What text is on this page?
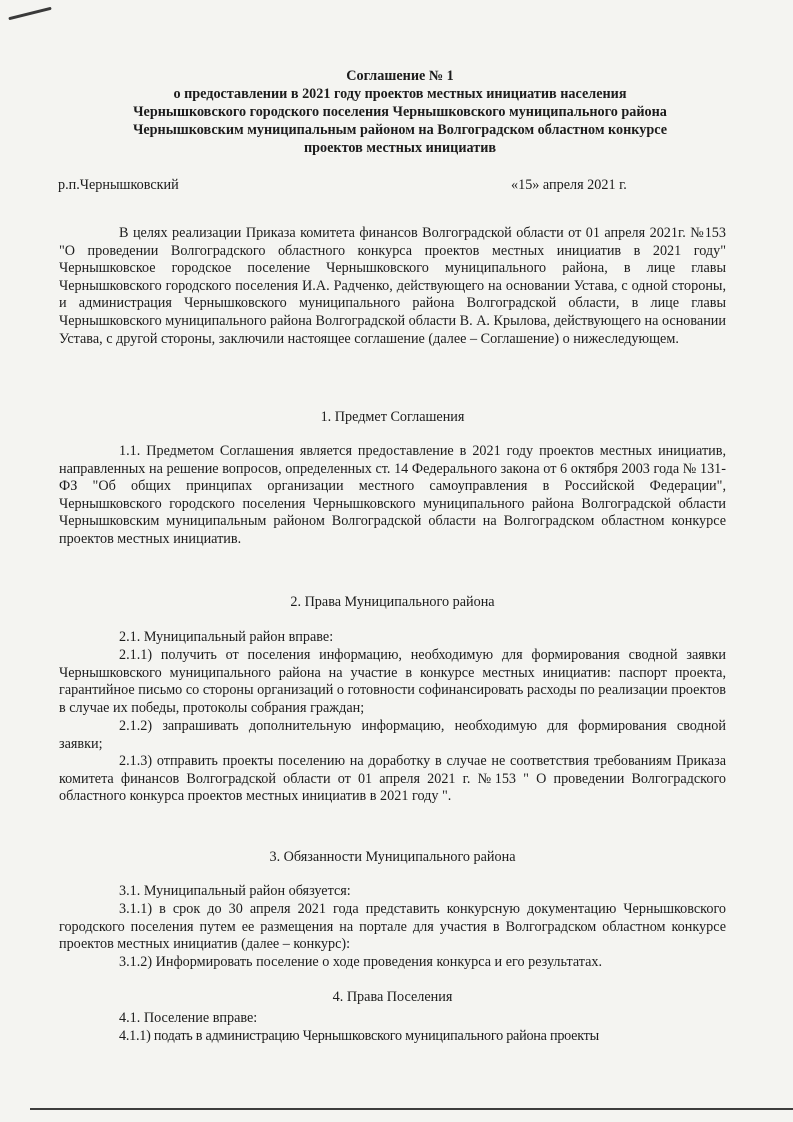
Соглашение № 1
о предоставлении в 2021 году проектов местных инициатив населения
Чернышковского городского поселения Чернышковского муниципального района
Чернышковским муниципальным районом на Волгоградском областном конкурсе
проектов местных инициатив
р.п.Чернышковский	«15» апреля 2021 г.

В целях реализации Приказа комитета финансов Волгоградской области от 01 апреля 2021г. №153 "О проведении Волгоградского областного конкурса проектов местных инициатив в 2021 году" Чернышковское городское поселение Чернышковского муниципального района, в лице главы Чернышковского городского поселения И.А. Радченко, действующего на основании Устава, с одной стороны, и администрация Чернышковского муниципального района Волгоградской области, в лице главы Чернышковского муниципального района Волгоградской области В. А. Крылова, действующего на основании Устава, с другой стороны, заключили настоящее соглашение (далее – Соглашение) о нижеследующем.

1. Предмет Соглашения

1.1. Предметом Соглашения является предоставление в 2021 году проектов местных инициатив, направленных на решение вопросов, определенных ст. 14 Федерального закона от 6 октября 2003 года № 131-ФЗ "Об общих принципах организации местного самоуправления в Российской Федерации", Чернышковского городского поселения Чернышковского муниципального района Волгоградской области Чернышковским муниципальным районом Волгоградской области на Волгоградском областном конкурсе проектов местных инициатив.

2. Права Муниципального района

2.1. Муниципальный район вправе:

2.1.1) получить от поселения информацию, необходимую для формирования сводной заявки Чернышковского муниципального района на участие в конкурсе местных инициатив: паспорт проекта, гарантийное письмо со стороны организаций о готовности софинансировать расходы по реализации проектов в случае их победы, протоколы собрания граждан;

2.1.2) запрашивать дополнительную информацию, необходимую для формирования сводной заявки;

2.1.3) отправить проекты поселению на доработку в случае не соответствия требованиям Приказа комитета финансов Волгоградской области от 01 апреля 2021 г. №153 " О проведении Волгоградского областного конкурса проектов местных инициатив в 2021 году ".

3. Обязанности Муниципального района

3.1. Муниципальный район обязуется:

3.1.1) в срок до 30 апреля 2021 года представить конкурсную документацию Чернышковского городского поселения путем ее размещения на портале для участия в Волгоградском областном конкурсе проектов местных инициатив (далее – конкурс):

3.1.2) Информировать поселение о ходе проведения конкурса и его результатах.

4. Права Поселения

4.1. Поселение вправе:

4.1.1) подать в администрацию Чернышковского муниципального района проекты
